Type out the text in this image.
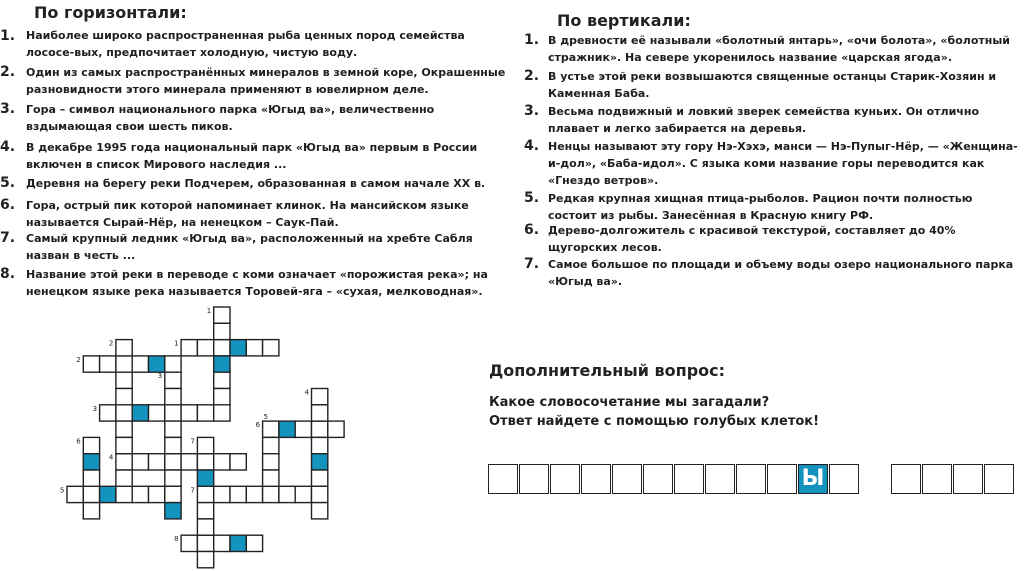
По горизонтали:	По вертикали:
1. Наиболее широко распространенная рыба ценных пород семейства лососе-вых, предпочитает холодную, чистую воду.
2. Один из самых распространённых минералов в земной коре, Окрашенные разновидности этого минерала применяют в ювелирном деле.
3. Гора – символ национального парка «Югыд ва», величественно вздымающая свои шесть пиков.
4. В декабре 1995 года национальный парк «Югыд ва» первым в России включен в список Мирового наследия ...
5. Деревня на берегу реки Подчерем, образованная в самом начале XX в.
6. Гора, острый пик которой напоминает клинок. На мансийском языке называется Сырай-Нёр, на ненецком – Саук-Пай.
7. Самый крупный ледник «Югыд ва», расположенный на хребте Сабля назван в честь ...
8. Название этой реки в переводе с коми означает «порожистая река»; на ненецком языке река называется Торовей-яга – «сухая, мелководная».
1. В древности её называли «болотный янтарь», «очи болота», «болотный стражник». На севере укоренилось название «царская ягода».
2. В устье этой реки возвышаются священные останцы Старик-Хозяин и Каменная Баба.
3. Весьма подвижный и ловкий зверек семейства куньих. Он отлично плавает и легко забирается на деревья.
4. Ненцы называют эту гору Нэ-Хэхэ, манси — Нэ-Пупыг-Нёр, — «Женщина-и-дол», «Баба-идол». С языка коми название горы переводится как «Гнездо ветров».
5. Редкая крупная хищная птица-рыболов. Рацион почти полностью состоит из рыбы. Занесённая в Красную книгу РФ.
6. Дерево-долгожитель с красивой текстурой, составляет до 40% щугорских лесов.
7. Самое большое по площади и объему воды озеро национального парка «Югыд ва».
1
1
2
2
3
3
4
4
5
5
6
6	7
7
8
Дополнительный вопрос:
Какое словосочетание мы загадали?
Ответ найдете с помощью голубых клеток!
Ы
